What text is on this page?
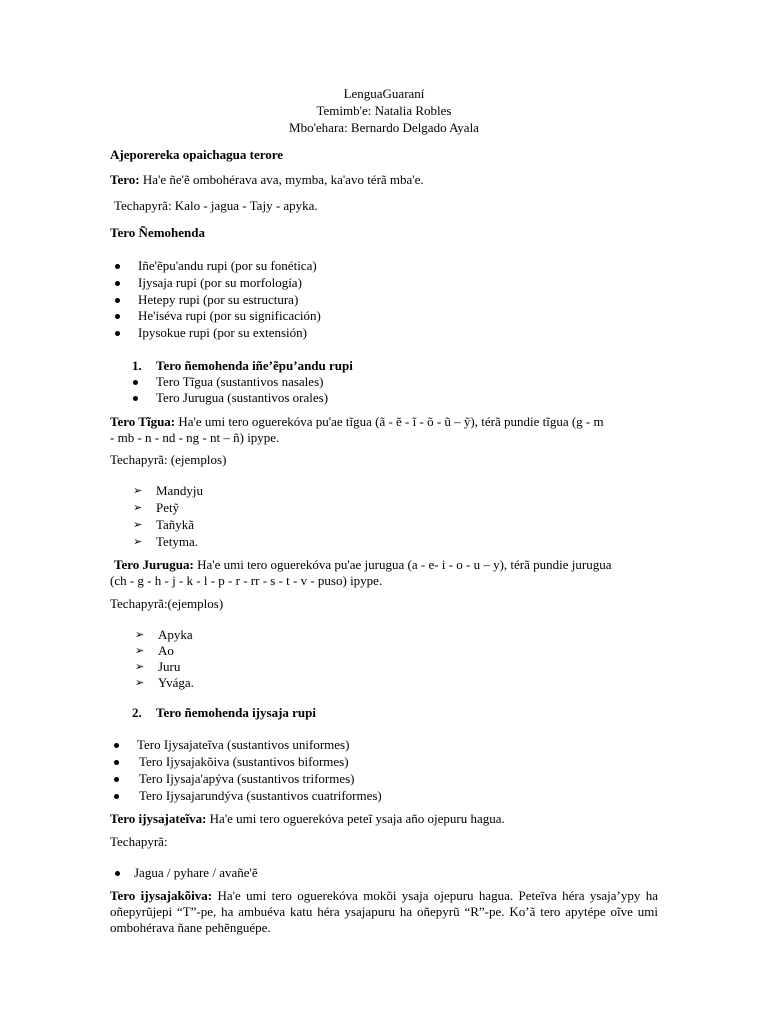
LenguaGuaraní
Temimb'e: Natalia Robles
Mbo'ehara: Bernardo Delgado Ayala
Ajeporereka opaichagua terore
Tero: Ha'e ñe'ẽ ombohérava ava, mymba, ka'avo térã mba'e.
Techapyrã: Kalo - jagua - Tajy - apyka.
Tero Ñemohenda
Iñe'ẽpu'andu rupi (por su fonética)
Ijysaja rupi (por su morfología)
Hetepy rupi (por su estructura)
He'iséva rupi (por su significación)
Ipysokue rupi (por su extensión)
1. Tero ñemohenda iñe’ẽpu’andu rupi
Tero Tĩgua (sustantivos nasales)
Tero Jurugua (sustantivos orales)
Tero Tĩgua: Ha'e umi tero oguerekóva pu'ae tĩgua (ã - ẽ - ĩ - õ - ũ – ỹ), térã pundie tĩgua (g - m
- mb - n - nd - ng - nt – ñ) ipype.
Techapyrã: (ejemplos)
➢ Mandyju
➢ Petỹ
➢ Tañykã
➢ Tetyma.
Tero Jurugua: Ha'e umi tero oguerekóva pu'ae jurugua (a - e- i - o - u – y), térã pundie jurugua
(ch - g - h - j - k - l - p - r - rr - s - t - v - puso) ipype.
Techapyrã:(ejemplos)
➢ Apyka
➢ Ao
➢ Juru
➢ Yvága.
2. Tero ñemohenda ijysaja rupi
Tero Ijysajateĩva (sustantivos uniformes)
Tero Ijysajakõiva (sustantivos biformes)
Tero Ijysaja'apýva (sustantivos triformes)
Tero Ijysajarundýva (sustantivos cuatriformes)
Tero ijysajateĩva: Ha'e umi tero oguerekóva peteĩ ysaja año ojepuru hagua.
Techapyrã:
Jagua / pyhare / avañe'ẽ
Tero ijysajakõiva: Ha'e umi tero oguerekóva mokõi ysaja ojepuru hagua. Peteĩva héra ysaja’ypy ha oñepyrũjepi “T”-pe, ha ambuéva katu héra ysajapuru ha oñepyrũ “R”-pe. Ko’ã tero apytépe oĩve umi ombohérava ñane pehẽnguépe.
